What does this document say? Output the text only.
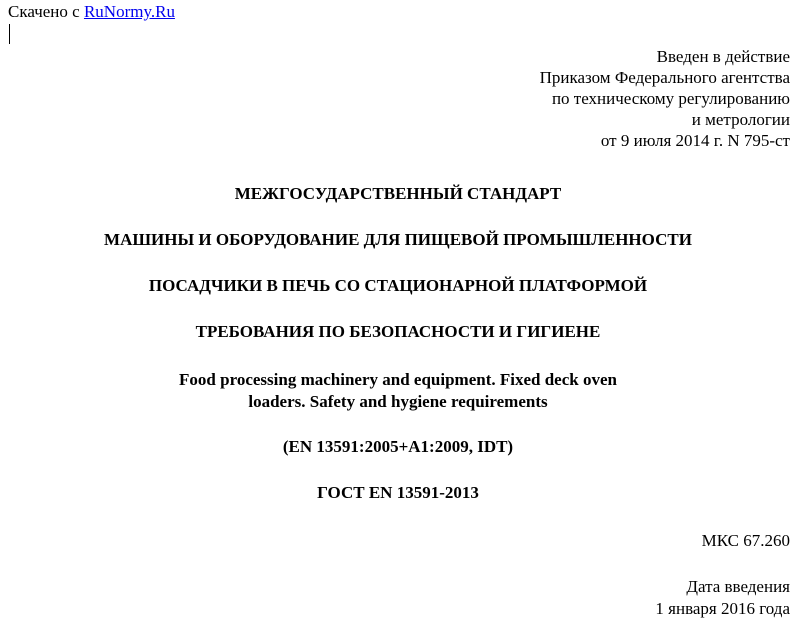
Скачено с RuNormy.Ru
Введен в действие
Приказом Федерального агентства
по техническому регулированию
и метрологии
от 9 июля 2014 г. N 795-ст
МЕЖГОСУДАРСТВЕННЫЙ СТАНДАРТ
МАШИНЫ И ОБОРУДОВАНИЕ ДЛЯ ПИЩЕВОЙ ПРОМЫШЛЕННОСТИ
ПОСАДЧИКИ В ПЕЧЬ СО СТАЦИОНАРНОЙ ПЛАТФОРМОЙ
ТРЕБОВАНИЯ ПО БЕЗОПАСНОСТИ И ГИГИЕНЕ
Food processing machinery and equipment. Fixed deck oven
loaders. Safety and hygiene requirements
(EN 13591:2005+A1:2009, IDT)
ГОСТ EN 13591-2013
МКС 67.260
Дата введения
1 января 2016 года
